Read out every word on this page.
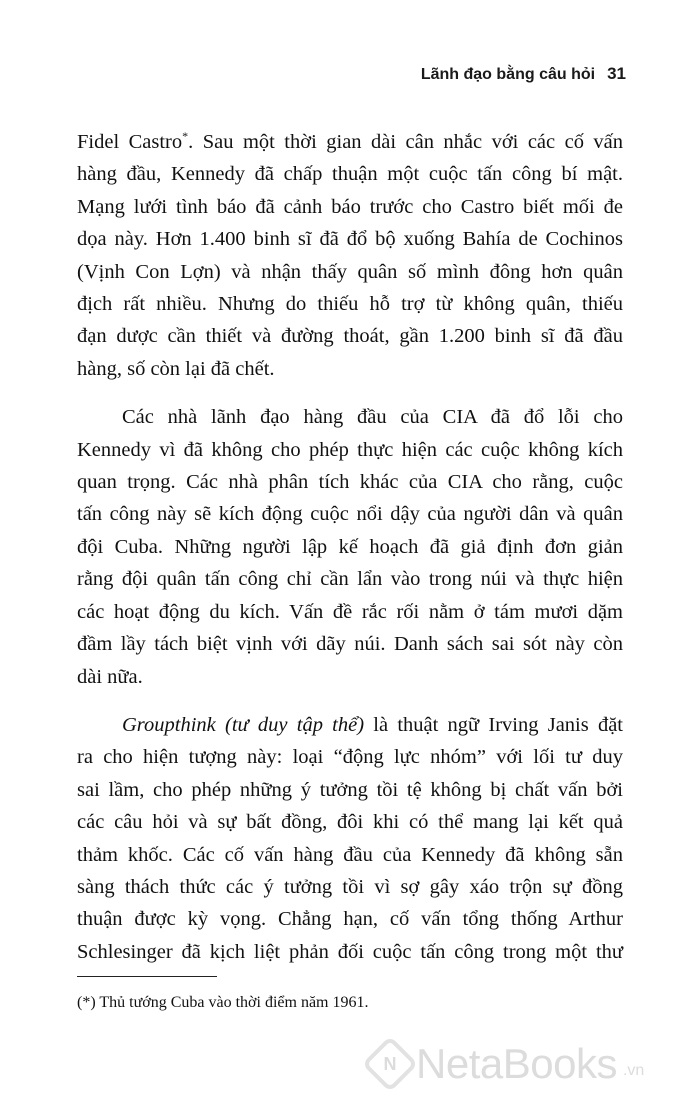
Lãnh đạo bằng câu hỏi 31

Fidel Castro*. Sau một thời gian dài cân nhắc với các cố vấn
hàng đầu, Kennedy đã chấp thuận một cuộc tấn công bí mật.
Mạng lưới tình báo đã cảnh báo trước cho Castro biết mối đe
dọa này. Hơn 1.400 binh sĩ đã đổ bộ xuống Bahía de Cochinos
(Vịnh Con Lợn) và nhận thấy quân số mình đông hơn quân
địch rất nhiều. Nhưng do thiếu hỗ trợ từ không quân, thiếu
đạn dược cần thiết và đường thoát, gần 1.200 binh sĩ đã đầu
hàng, số còn lại đã chết.

Các nhà lãnh đạo hàng đầu của CIA đã đổ lỗi cho
Kennedy vì đã không cho phép thực hiện các cuộc không kích
quan trọng. Các nhà phân tích khác của CIA cho rằng, cuộc
tấn công này sẽ kích động cuộc nổi dậy của người dân và quân
đội Cuba. Những người lập kế hoạch đã giả định đơn giản
rằng đội quân tấn công chỉ cần lẩn vào trong núi và thực hiện
các hoạt động du kích. Vấn đề rắc rối nằm ở tám mươi dặm
đầm lầy tách biệt vịnh với dãy núi. Danh sách sai sót này còn
dài nữa.

Groupthink (tư duy tập thể) là thuật ngữ Irving Janis đặt
ra cho hiện tượng này: loại “động lực nhóm” với lối tư duy
sai lầm, cho phép những ý tưởng tồi tệ không bị chất vấn bởi
các câu hỏi và sự bất đồng, đôi khi có thể mang lại kết quả
thảm khốc. Các cố vấn hàng đầu của Kennedy đã không sẵn
sàng thách thức các ý tưởng tồi vì sợ gây xáo trộn sự đồng
thuận được kỳ vọng. Chẳng hạn, cố vấn tổng thống Arthur
Schlesinger đã kịch liệt phản đối cuộc tấn công trong một thư

(*) Thủ tướng Cuba vào thời điểm năm 1961.
N NetaBooks .vn
